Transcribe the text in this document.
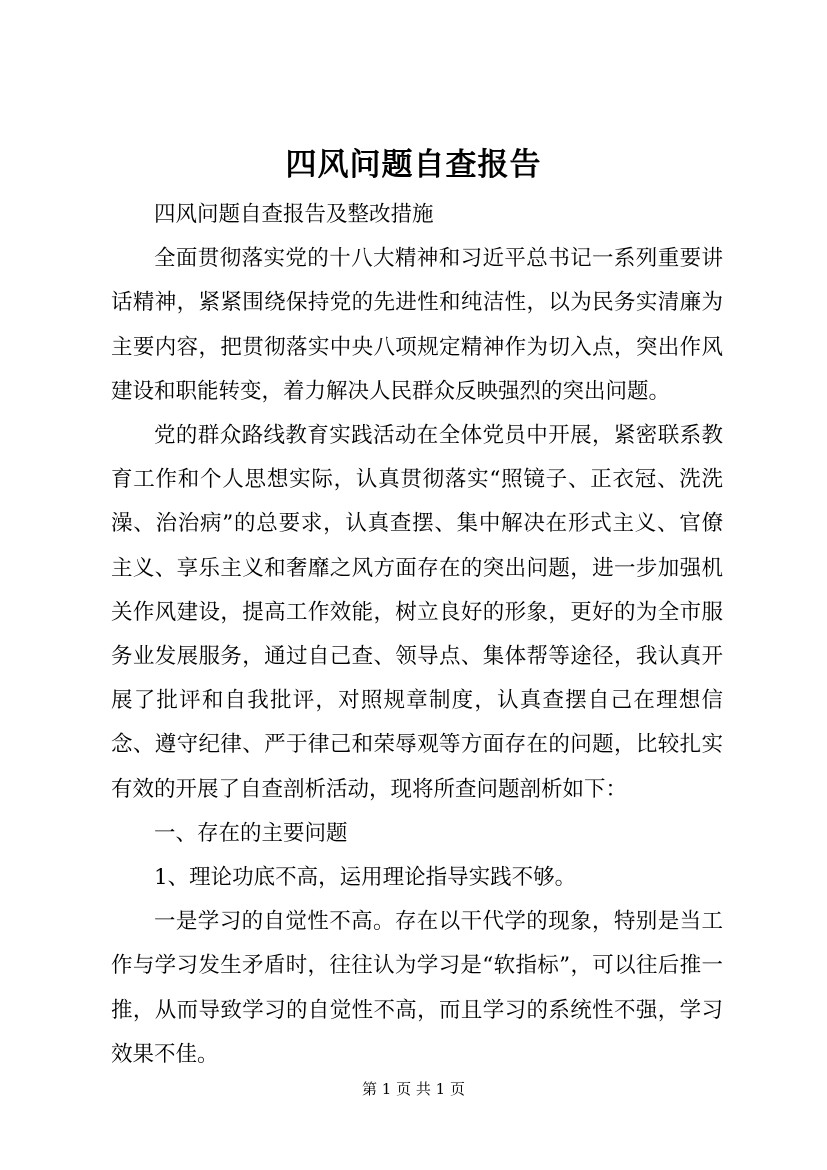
四风问题自查报告

四风问题自查报告及整改措施

全面贯彻落实党的十八大精神和习近平总书记一系列重要讲话精神，紧紧围绕保持党的先进性和纯洁性，以为民务实清廉为主要内容，把贯彻落实中央八项规定精神作为切入点，突出作风建设和职能转变，着力解决人民群众反映强烈的突出问题。

党的群众路线教育实践活动在全体党员中开展，紧密联系教育工作和个人思想实际，认真贯彻落实“照镜子、正衣冠、洗洗澡、治治病”的总要求，认真查摆、集中解决在形式主义、官僚主义、享乐主义和奢靡之风方面存在的突出问题，进一步加强机关作风建设，提高工作效能，树立良好的形象，更好的为全市服务业发展服务，通过自己查、领导点、集体帮等途径，我认真开展了批评和自我批评，对照规章制度，认真查摆自己在理想信念、遵守纪律、严于律己和荣辱观等方面存在的问题，比较扎实有效的开展了自查剖析活动，现将所查问题剖析如下：

一、存在的主要问题

1、理论功底不高，运用理论指导实践不够。

一是学习的自觉性不高。存在以干代学的现象，特别是当工作与学习发生矛盾时，往往认为学习是“软指标”，可以往后推一推，从而导致学习的自觉性不高，而且学习的系统性不强，学习效果不佳。

第 1 页 共 1 页
